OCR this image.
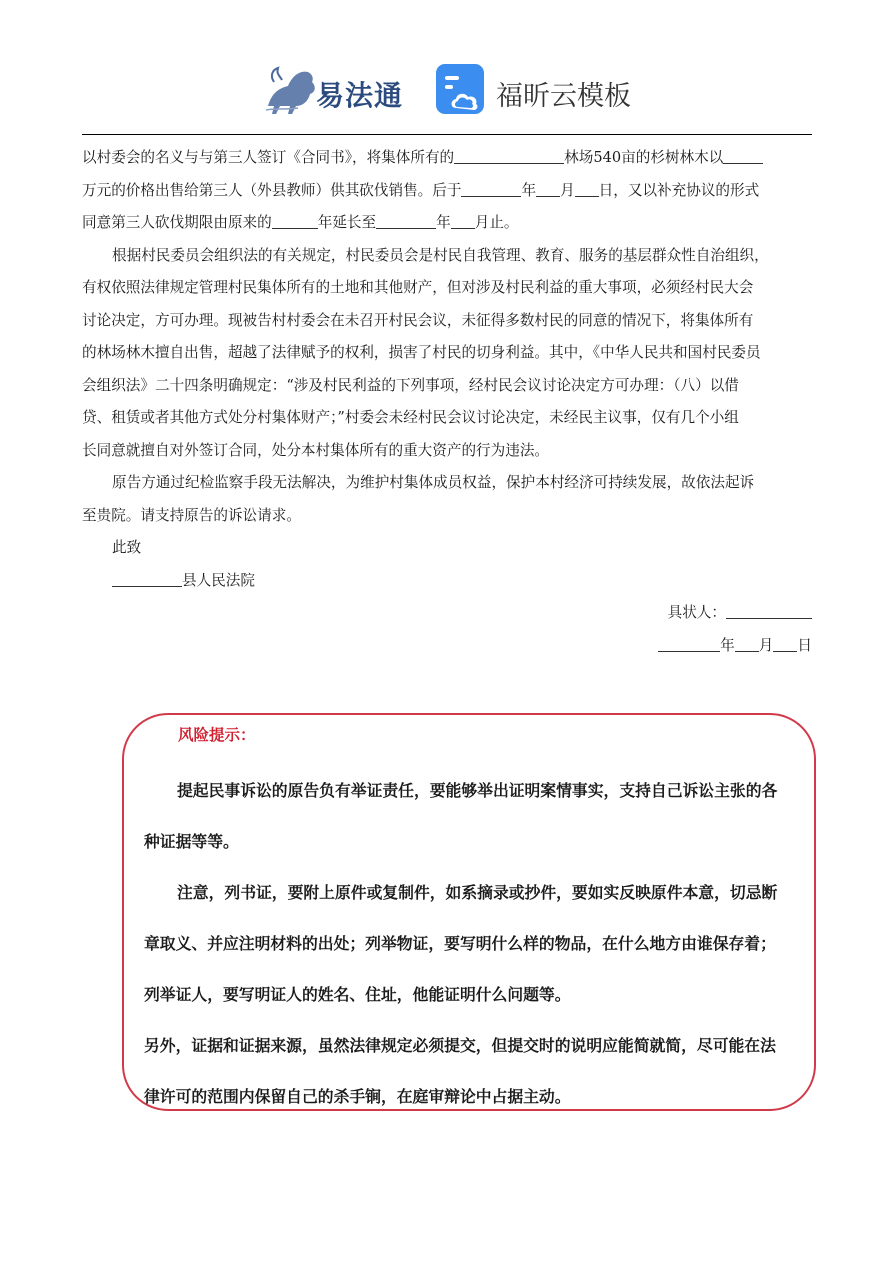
易法通	福昕云模板
以村委会的名义与与第三人签订《合同书》，将集体所有的	林场540亩的杉树林木以
万元的价格出售给第三人（外县教师）供其砍伐销售。后于	年 月 日，又以补充协议的形式
同意第三人砍伐期限由原来的	年延长至	年 月止。
根据村民委员会组织法的有关规定，村民委员会是村民自我管理、教育、服务的基层群众性自治组织，
有权依照法律规定管理村民集体所有的土地和其他财产，但对涉及村民利益的重大事项，必须经村民大会
讨论决定，方可办理。现被告村村委会在未召开村民会议，未征得多数村民的同意的情况下，将集体所有
的林场林木擅自出售，超越了法律赋予的权利，损害了村民的切身利益。其中，《中华人民共和国村民委员
会组织法》二十四条明确规定：“涉及村民利益的下列事项，经村民会议讨论决定方可办理：（八）以借
贷、租赁或者其他方式处分村集体财产；”村委会未经村民会议讨论决定，未经民主议事，仅有几个小组
长同意就擅自对外签订合同，处分本村集体所有的重大资产的行为违法。
原告方通过纪检监察手段无法解决，为维护村集体成员权益，保护本村经济可持续发展，故依法起诉
至贵院。请支持原告的诉讼请求。
此致
县人民法院
具状人：
年 月 日
风险提示：
提起民事诉讼的原告负有举证责任，要能够举出证明案情事实，支持自己诉讼主张的各
种证据等等。
注意，列书证，要附上原件或复制件，如系摘录或抄件，要如实反映原件本意，切忌断
章取义、并应注明材料的出处；列举物证，要写明什么样的物品，在什么地方由谁保存着；
列举证人，要写明证人的姓名、住址，他能证明什么问题等。
另外，证据和证据来源，虽然法律规定必须提交，但提交时的说明应能简就简，尽可能在法
律许可的范围内保留自己的杀手锏，在庭审辩论中占据主动。
